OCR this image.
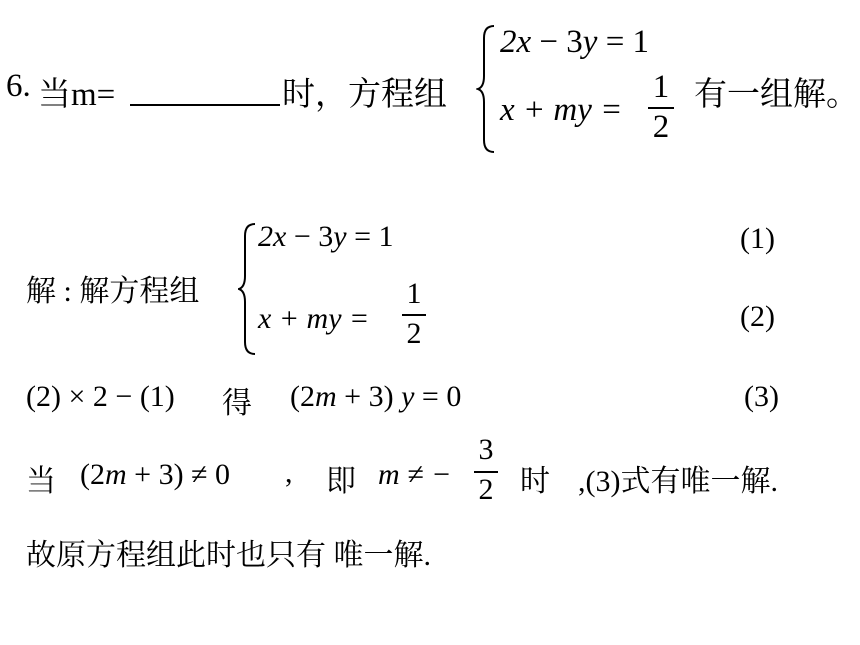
6. 当m=	时，方程组
2x − 3y = 1
x + my =
1
2
有一组解。
解 : 解方程组
2x − 3y = 1	(1)
x + my =
1
2
(2)
(2) × 2 − (1) 得 (2m + 3) y = 0	(3)
当 (2m + 3) ≠ 0 , 即 m ≠ −
3
2 时 ,(3)式有唯一解.
故原方程组此时也只有 唯一解.
